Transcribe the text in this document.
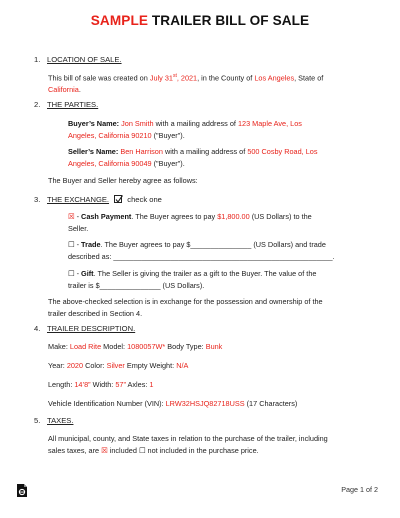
SAMPLE TRAILER BILL OF SALE
1. LOCATION OF SALE.
This bill of sale was created on July 31st, 2021, in the County of Los Angeles, State of
California.
2. THE PARTIES.
Buyer’s Name: Jon Smith with a mailing address of 123 Maple Ave, Los
Angeles, California 90210 ("Buyer").
Seller’s Name: Ben Harrison with a mailing address of 500 Cosby Road, Los
Angeles, California 90049 ("Buyer").
The Buyer and Seller hereby agree as follows:
3. THE EXCHANGE. check one
☒ - Cash Payment. The Buyer agrees to pay $1,800.00 (US Dollars) to the
Seller.
☐ - Trade. The Buyer agrees to pay $_______________ (US Dollars) and trade
described as: ______________________________________________________.
☐ - Gift. The Seller is giving the trailer as a gift to the Buyer. The value of the
trailer is $_______________ (US Dollars).
The above-checked selection is in exchange for the possession and ownership of the
trailer described in Section 4.
4. TRAILER DESCRIPTION.
Make: Load Rite Model: 1080057W* Body Type: Bunk
Year: 2020 Color: Silver Empty Weight: N/A
Length: 14’8” Width: 57” Axles: 1
Vehicle Identification Number (VIN): LRW32HSJQ82718USS (17 Characters)
5. TAXES.
All municipal, county, and State taxes in relation to the purchase of the trailer, including
sales taxes, are ☒ included ☐ not included in the purchase price.
Page 1 of 2
